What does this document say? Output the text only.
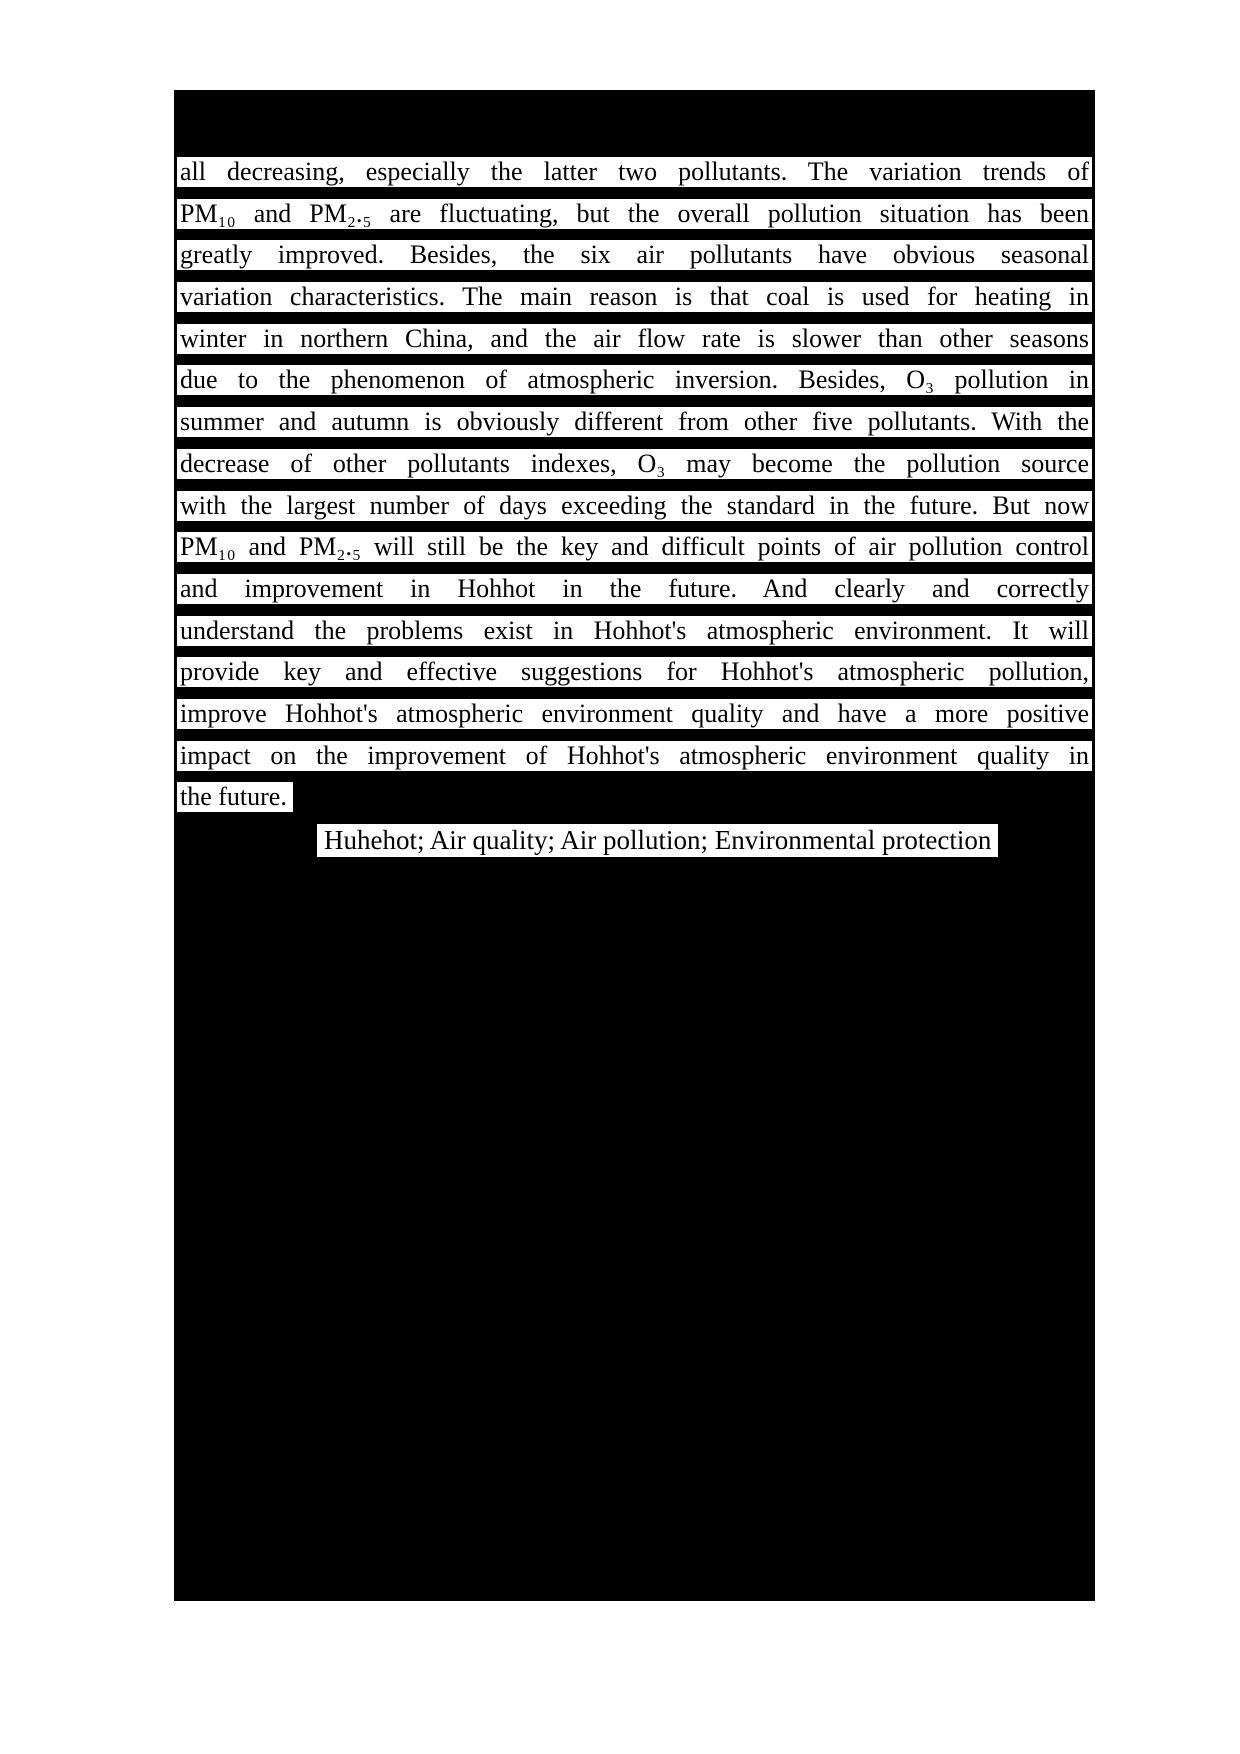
all decreasing, especially the latter two pollutants. The variation trends of
PM₁₀ and PM₂.₅ are fluctuating, but the overall pollution situation has been
greatly improved. Besides, the six air pollutants have obvious seasonal
variation characteristics. The main reason is that coal is used for heating in
winter in northern China, and the air flow rate is slower than other seasons
due to the phenomenon of atmospheric inversion. Besides, O₃ pollution in
summer and autumn is obviously different from other five pollutants. With the
decrease of other pollutants indexes, O₃ may become the pollution source
with the largest number of days exceeding the standard in the future. But now
PM₁₀ and PM₂.₅ will still be the key and difficult points of air pollution control
and improvement in Hohhot in the future. And clearly and correctly
understand the problems exist in Hohhot's atmospheric environment. It will
provide key and effective suggestions for Hohhot's atmospheric pollution,
improve Hohhot's atmospheric environment quality and have a more positive
impact on the improvement of Hohhot's atmospheric environment quality in
the future.
Huhehot; Air quality; Air pollution; Environmental protection
